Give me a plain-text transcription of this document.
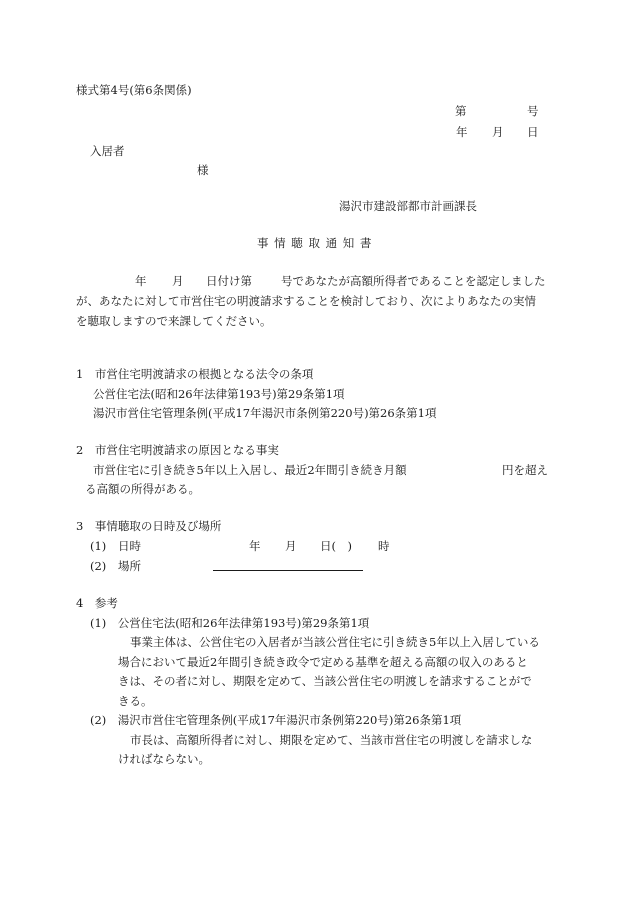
様式第4号(第6条関係)
第	号
年 月 日
入居者
様
湯沢市建設部都市計画課長
事 情 聴 取 通 知 書
年 月 日付け第	号であなたが高額所得者であることを認定しました
が、あなたに対して市営住宅の明渡請求することを検討しており、次によりあなたの実情
を聴取しますので来課してください。
1　市営住宅明渡請求の根拠となる法令の条項
公営住宅法(昭和26年法律第193号)第29条第1項
湯沢市営住宅管理条例(平成17年湯沢市条例第220号)第26条第1項
2　市営住宅明渡請求の原因となる事実
市営住宅に引き続き5年以上入居し、最近2年間引き続き月額	円を超え
る高額の所得がある。
3　事情聴取の日時及び場所
(1) 日時	年 月 日(　) 時
(2) 場所
4　参考
(1)　公営住宅法(昭和26年法律第193号)第29条第1項
事業主体は、公営住宅の入居者が当該公営住宅に引き続き5年以上入居している
場合において最近2年間引き続き政令で定める基準を超える高額の収入のあると
きは、その者に対し、期限を定めて、当該公営住宅の明渡しを請求することがで
きる。
(2)　湯沢市営住宅管理条例(平成17年湯沢市条例第220号)第26条第1項
市長は、高額所得者に対し、期限を定めて、当該市営住宅の明渡しを請求しな
ければならない。
